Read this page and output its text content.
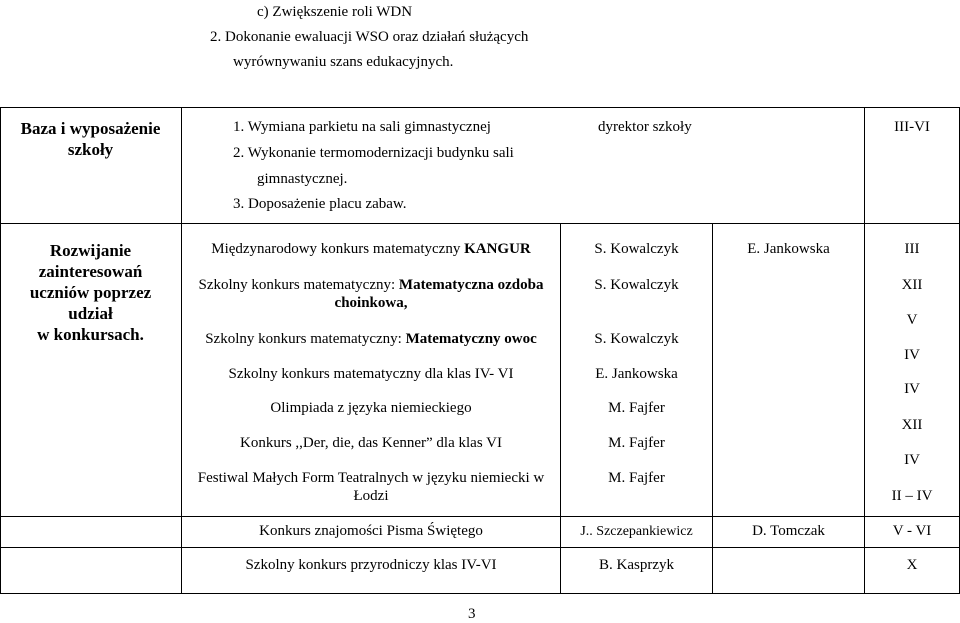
c) Zwiększenie roli WDN
2. Dokonanie ewaluacji WSO oraz działań służących
wyrównywaniu szans edukacyjnych.
Baza i wyposażenie
szkoły
1. Wymiana parkietu na sali gimnastycznej
2. Wykonanie termomodernizacji budynku sali
gimnastycznej.
3. Doposażenie placu zabaw.
dyrektor szkoły	III-VI
Rozwijanie
zainteresowań
uczniów poprzez
udział
w konkursach.
Międzynarodowy konkurs matematyczny KANGUR
Szkolny konkurs matematyczny: Matematyczna ozdoba
choinkowa,
Szkolny konkurs matematyczny: Matematyczny owoc
Szkolny konkurs matematyczny dla klas IV- VI
Olimpiada z języka niemieckiego
Konkurs ,,Der, die, das Kenner” dla klas VI
Festiwal Małych Form Teatralnych w języku niemiecki w
Łodzi
Konkurs znajomości Pisma Świętego
Szkolny konkurs przyrodniczy klas IV-VI
S. Kowalczyk
S. Kowalczyk
S. Kowalczyk
E. Jankowska
M. Fajfer
M. Fajfer
M. Fajfer
J.. Szczepankiewicz
B. Kasprzyk
E. Jankowska
D. Tomczak
III
XII
V
IV
IV
XII
IV
II – IV
V - VI
X
3
